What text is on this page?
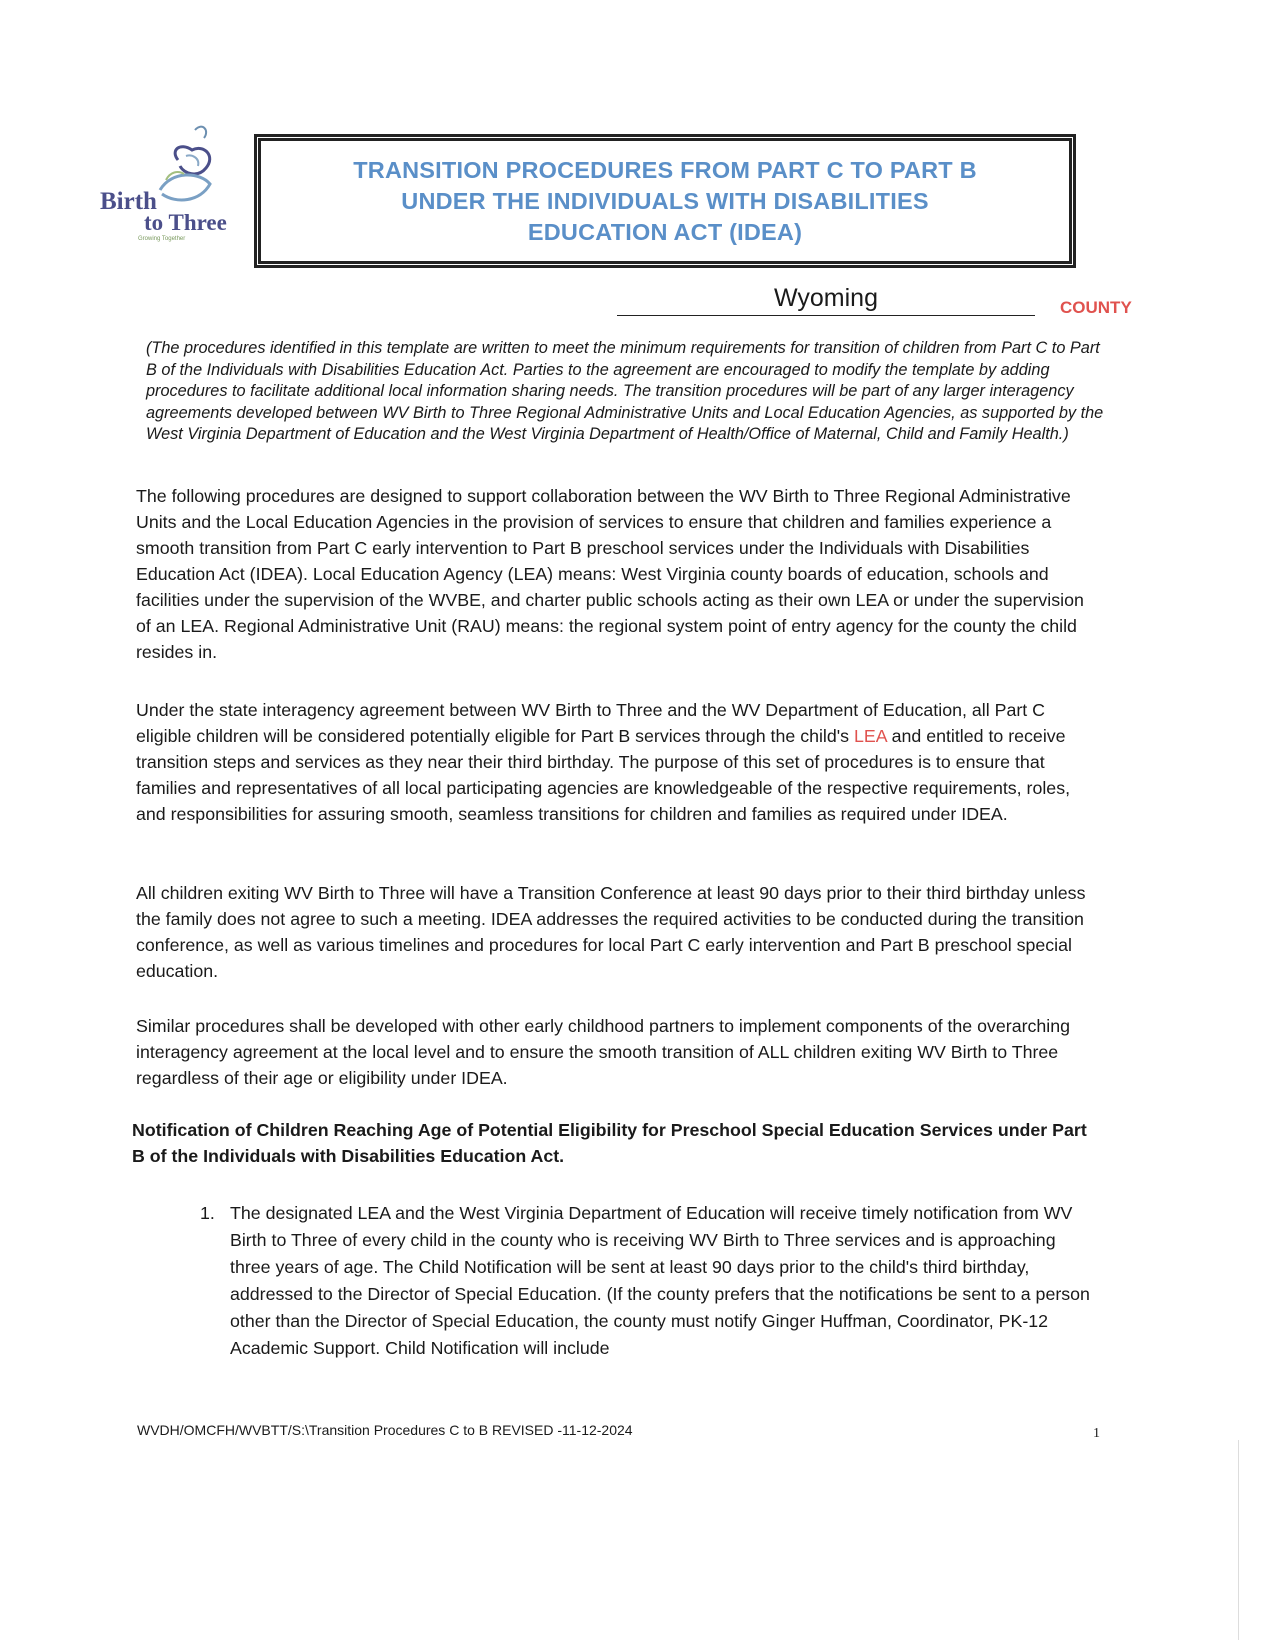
Birth
to Three
Growing Together
TRANSITION PROCEDURES FROM PART C TO PART B
UNDER THE INDIVIDUALS WITH DISABILITIES
EDUCATION ACT (IDEA)
Wyoming	COUNTY
(The procedures identified in this template are written to meet the minimum requirements for transition of children from Part C to Part B of the Individuals with Disabilities Education Act. Parties to the agreement are encouraged to modify the template by adding procedures to facilitate additional local information sharing needs. The transition procedures will be part of any larger interagency agreements developed between WV Birth to Three Regional Administrative Units and Local Education Agencies, as supported by the West Virginia Department of Education and the West Virginia Department of Health/Office of Maternal, Child and Family Health.)
The following procedures are designed to support collaboration between the WV Birth to Three Regional Administrative Units and the Local Education Agencies in the provision of services to ensure that children and families experience a smooth transition from Part C early intervention to Part B preschool services under the Individuals with Disabilities Education Act (IDEA). Local Education Agency (LEA) means: West Virginia county boards of education, schools and facilities under the supervision of the WVBE, and charter public schools acting as their own LEA or under the supervision of an LEA. Regional Administrative Unit (RAU) means: the regional system point of entry agency for the county the child resides in.
Under the state interagency agreement between WV Birth to Three and the WV Department of Education, all Part C eligible children will be considered potentially eligible for Part B services through the child's LEA and entitled to receive transition steps and services as they near their third birthday. The purpose of this set of procedures is to ensure that families and representatives of all local participating agencies are knowledgeable of the respective requirements, roles, and responsibilities for assuring smooth, seamless transitions for children and families as required under IDEA.
All children exiting WV Birth to Three will have a Transition Conference at least 90 days prior to their third birthday unless the family does not agree to such a meeting. IDEA addresses the required activities to be conducted during the transition conference, as well as various timelines and procedures for local Part C early intervention and Part B preschool special education.
Similar procedures shall be developed with other early childhood partners to implement components of the overarching interagency agreement at the local level and to ensure the smooth transition of ALL children exiting WV Birth to Three regardless of their age or eligibility under IDEA.
Notification of Children Reaching Age of Potential Eligibility for Preschool Special Education Services under Part B of the Individuals with Disabilities Education Act.
1. The designated LEA and the West Virginia Department of Education will receive timely notification from WV Birth to Three of every child in the county who is receiving WV Birth to Three services and is approaching three years of age. The Child Notification will be sent at least 90 days prior to the child's third birthday, addressed to the Director of Special Education. (If the county prefers that the notifications be sent to a person other than the Director of Special Education, the county must notify Ginger Huffman, Coordinator, PK-12 Academic Support. Child Notification will include
WVDH/OMCFH/WVBTT/S:\Transition Procedures C to B REVISED -11-12-2024	1
